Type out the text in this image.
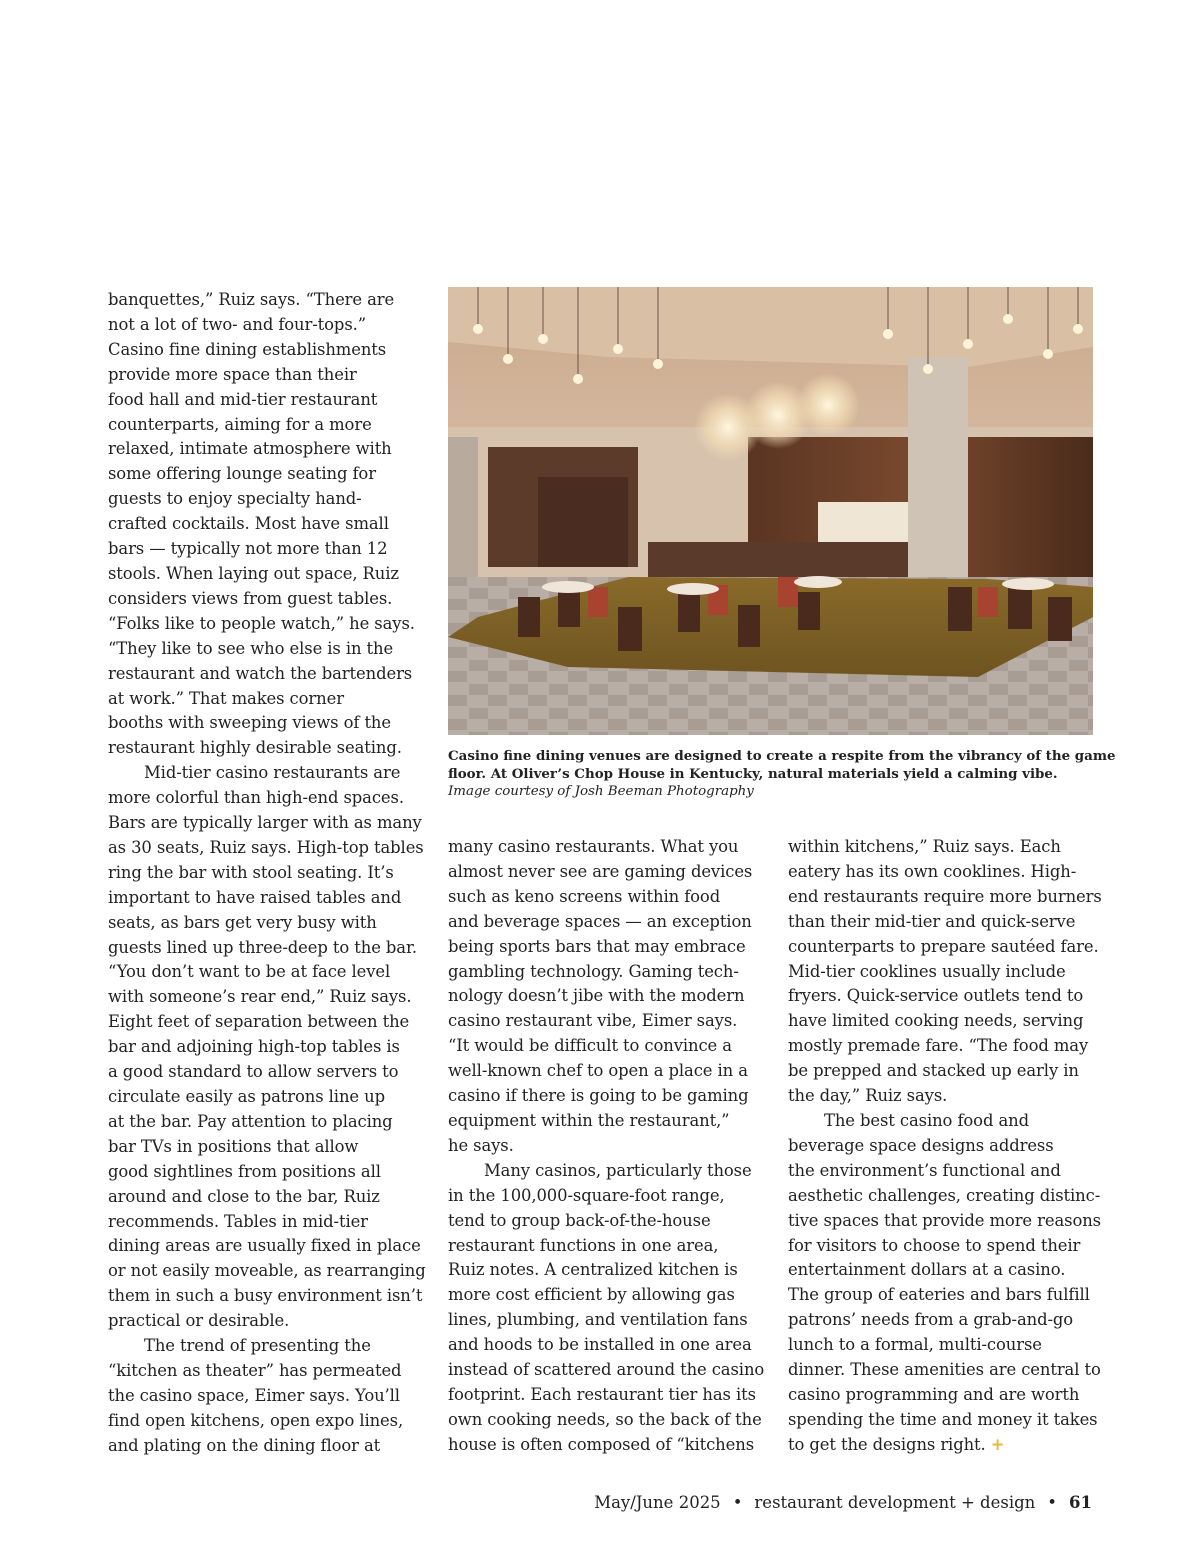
banquettes,” Ruiz says. “There are
not a lot of two- and four-tops.”
Casino fine dining establishments
provide more space than their
food hall and mid-tier restaurant
counterparts, aiming for a more
relaxed, intimate atmosphere with
some offering lounge seating for
guests to enjoy specialty hand-
crafted cocktails. Most have small
bars — typically not more than 12
stools. When laying out space, Ruiz
considers views from guest tables.
“Folks like to people watch,” he says.
“They like to see who else is in the
restaurant and watch the bartenders
at work.” That makes corner
booths with sweeping views of the
restaurant highly desirable seating.
Mid-tier casino restaurants are
more colorful than high-end spaces.
Bars are typically larger with as many
as 30 seats, Ruiz says. High-top tables
ring the bar with stool seating. It’s
important to have raised tables and
seats, as bars get very busy with
guests lined up three-deep to the bar.
“You don’t want to be at face level
with someone’s rear end,” Ruiz says.
Eight feet of separation between the
bar and adjoining high-top tables is
a good standard to allow servers to
circulate easily as patrons line up
at the bar. Pay attention to placing
bar TVs in positions that allow
good sightlines from positions all
around and close to the bar, Ruiz
recommends. Tables in mid-tier
dining areas are usually fixed in place
or not easily moveable, as rearranging
them in such a busy environment isn’t
practical or desirable.
The trend of presenting the
“kitchen as theater” has permeated
the casino space, Eimer says. You’ll
find open kitchens, open expo lines,
and plating on the dining floor at
Casino fine dining venues are designed to create a respite from the vibrancy of the game
floor. At Oliver’s Chop House in Kentucky, natural materials yield a calming vibe.
Image courtesy of Josh Beeman Photography
many casino restaurants. What you
almost never see are gaming devices
such as keno screens within food
and beverage spaces — an exception
being sports bars that may embrace
gambling technology. Gaming tech-
nology doesn’t jibe with the modern
casino restaurant vibe, Eimer says.
“It would be difficult to convince a
well-known chef to open a place in a
casino if there is going to be gaming
equipment within the restaurant,”
he says.
Many casinos, particularly those
in the 100,000-square-foot range,
tend to group back-of-the-house
restaurant functions in one area,
Ruiz notes. A centralized kitchen is
more cost efficient by allowing gas
lines, plumbing, and ventilation fans
and hoods to be installed in one area
instead of scattered around the casino
footprint. Each restaurant tier has its
own cooking needs, so the back of the
house is often composed of “kitchens
within kitchens,” Ruiz says. Each
eatery has its own cooklines. High-
end restaurants require more burners
than their mid-tier and quick-serve
counterparts to prepare sautéed fare.
Mid-tier cooklines usually include
fryers. Quick-service outlets tend to
have limited cooking needs, serving
mostly premade fare. “The food may
be prepped and stacked up early in
the day,” Ruiz says.
The best casino food and
beverage space designs address
the environment’s functional and
aesthetic challenges, creating distinc-
tive spaces that provide more reasons
for visitors to choose to spend their
entertainment dollars at a casino.
The group of eateries and bars fulfill
patrons’ needs from a grab-and-go
lunch to a formal, multi-course
dinner. These amenities are central to
casino programming and are worth
spending the time and money it takes
to get the designs right. +
May/June 2025 • restaurant development + design • 61
